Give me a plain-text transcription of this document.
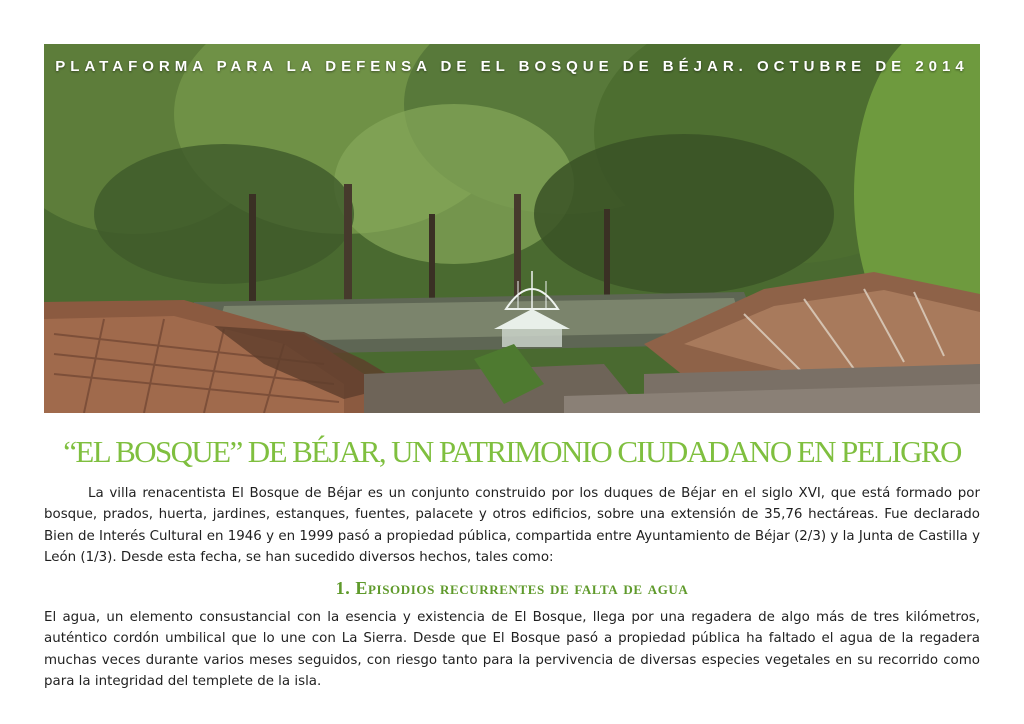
PLATAFORMA PARA LA DEFENSA DE EL BOSQUE DE BÉJAR. OCTUBRE DE 2014
“EL BOSQUE” DE BÉJAR, UN PATRIMONIO CIUDADANO EN PELIGRO

La villa renacentista El Bosque de Béjar es un conjunto construido por los duques de Béjar en el siglo XVI, que está formado por bosque, prados, huerta, jardines, estanques, fuentes, palacete y otros edificios, sobre una extensión de 35,76 hectáreas. Fue declarado Bien de Interés Cultural en 1946 y en 1999 pasó a propiedad pública, compartida entre Ayuntamiento de Béjar (2/3) y la Junta de Castilla y León (1/3). Desde esta fecha, se han sucedido diversos hechos, tales como:

1. Episodios recurrentes de falta de agua

El agua, un elemento consustancial con la esencia y existencia de El Bosque, llega por una regadera de algo más de tres kilómetros, auténtico cordón umbilical que lo une con La Sierra. Desde que El Bosque pasó a propiedad pública ha faltado el agua de la regadera muchas veces durante varios meses seguidos, con riesgo tanto para la pervivencia de diversas especies vegetales en su recorrido como para la integridad del templete de la isla.
